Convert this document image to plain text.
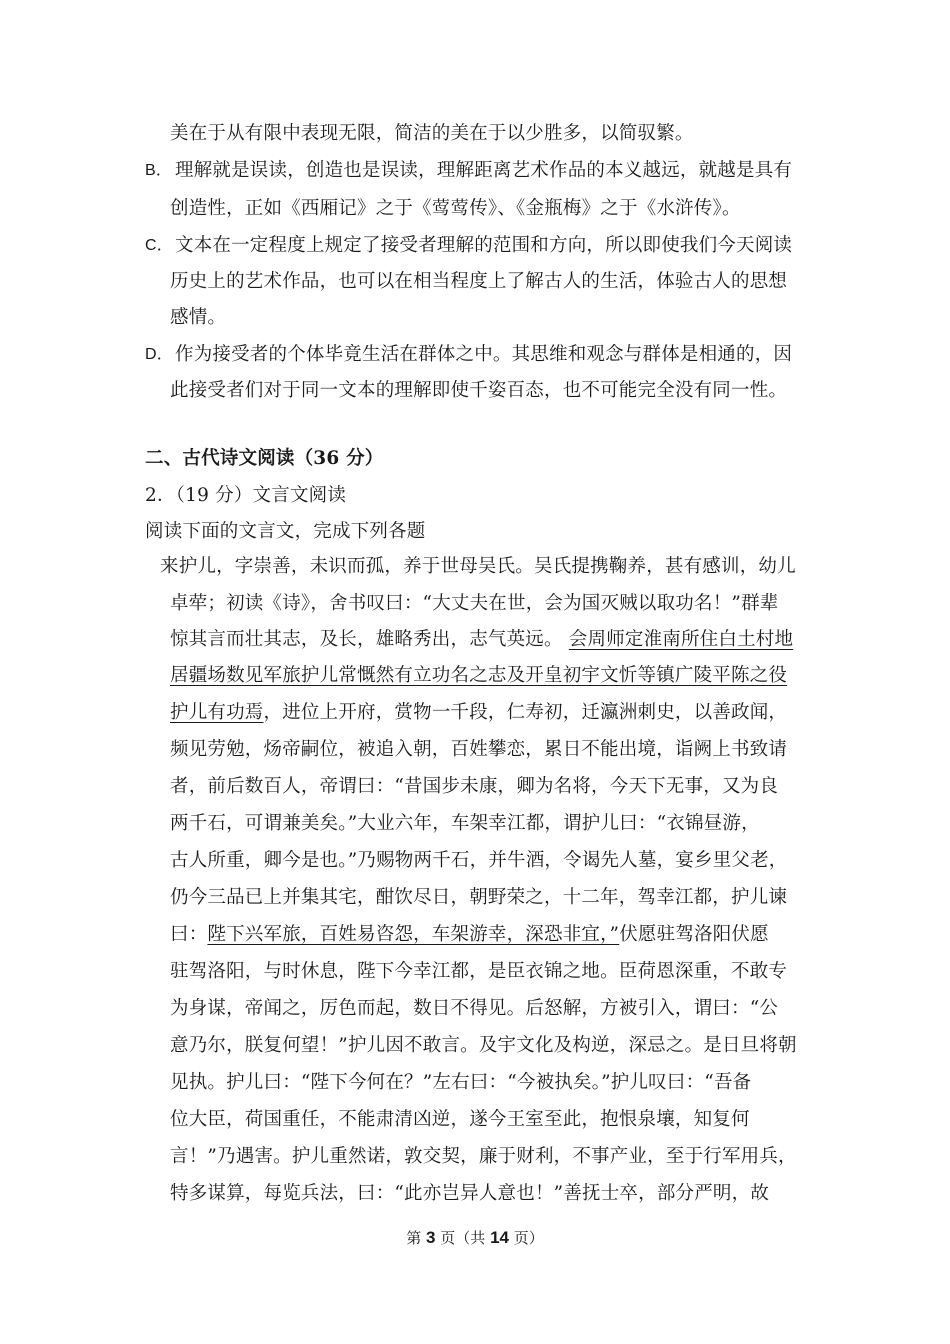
美在于从有限中表现无限，简洁的美在于以少胜多，以简驭繁。
B． 理解就是误读，创造也是误读，理解距离艺术作品的本义越远，就越是具有
创造性，正如《西厢记》之于《莺莺传》、《金瓶梅》之于《水浒传》。
C． 文本在一定程度上规定了接受者理解的范围和方向，所以即使我们今天阅读
历史上的艺术作品，也可以在相当程度上了解古人的生活，体验古人的思想
感情。
D． 作为接受者的个体毕竟生活在群体之中。其思维和观念与群体是相通的，因
此接受者们对于同一文本的理解即使千姿百态，也不可能完全没有同一性。
二、古代诗文阅读（36 分）
2．（19 分）文言文阅读
阅读下面的文言文，完成下列各题
来护儿，字崇善，未识而孤，养于世母吴氏。吴氏提携鞠养，甚有感训，幼儿
卓荦；初读《诗》，舍书叹曰：“大丈夫在世，会为国灭贼以取功名！”群辈
惊其言而壮其志，及长，雄略秀出，志气英远。 会周师定淮南所住白土村地
居疆场数见军旅护儿常慨然有立功名之志及开皇初宇文忻等镇广陵平陈之役
护儿有功焉，进位上开府，赏物一千段，仁寿初，迁瀛洲刺史，以善政闻，
频见劳勉，炀帝嗣位，被追入朝，百姓攀恋，累日不能出境，诣阙上书致请
者，前后数百人，帝谓曰：“昔国步未康，卿为名将，今天下无事，又为良
两千石，可谓兼美矣。”大业六年，车架幸江都，谓护儿曰：“衣锦昼游，
古人所重，卿今是也。”乃赐物两千石，并牛酒，令谒先人墓，宴乡里父老，
仍今三品已上并集其宅，酣饮尽日，朝野荣之，十二年，驾幸江都，护儿谏
曰：陛下兴军旅，百姓易咨怨，车架游幸，深恐非宜，”伏愿驻驾洛阳伏愿
驻驾洛阳，与时休息，陛下今幸江都，是臣衣锦之地。臣荷恩深重，不敢专
为身谋，帝闻之，厉色而起，数日不得见。后怒解，方被引入，谓曰：“公
意乃尔，朕复何望！”护儿因不敢言。及宇文化及构逆，深忌之。是日旦将朝
见执。护儿曰：“陛下今何在？”左右曰：“今被执矣。”护儿叹曰：“吾备
位大臣，荷国重任，不能肃清凶逆，遂今王室至此，抱恨泉壤，知复何
言！”乃遇害。护儿重然诺，敦交契，廉于财利，不事产业，至于行军用兵，
特多谋算，每览兵法，曰：“此亦岂异人意也！”善抚士卒，部分严明，故
第 3 页（共 14 页）
